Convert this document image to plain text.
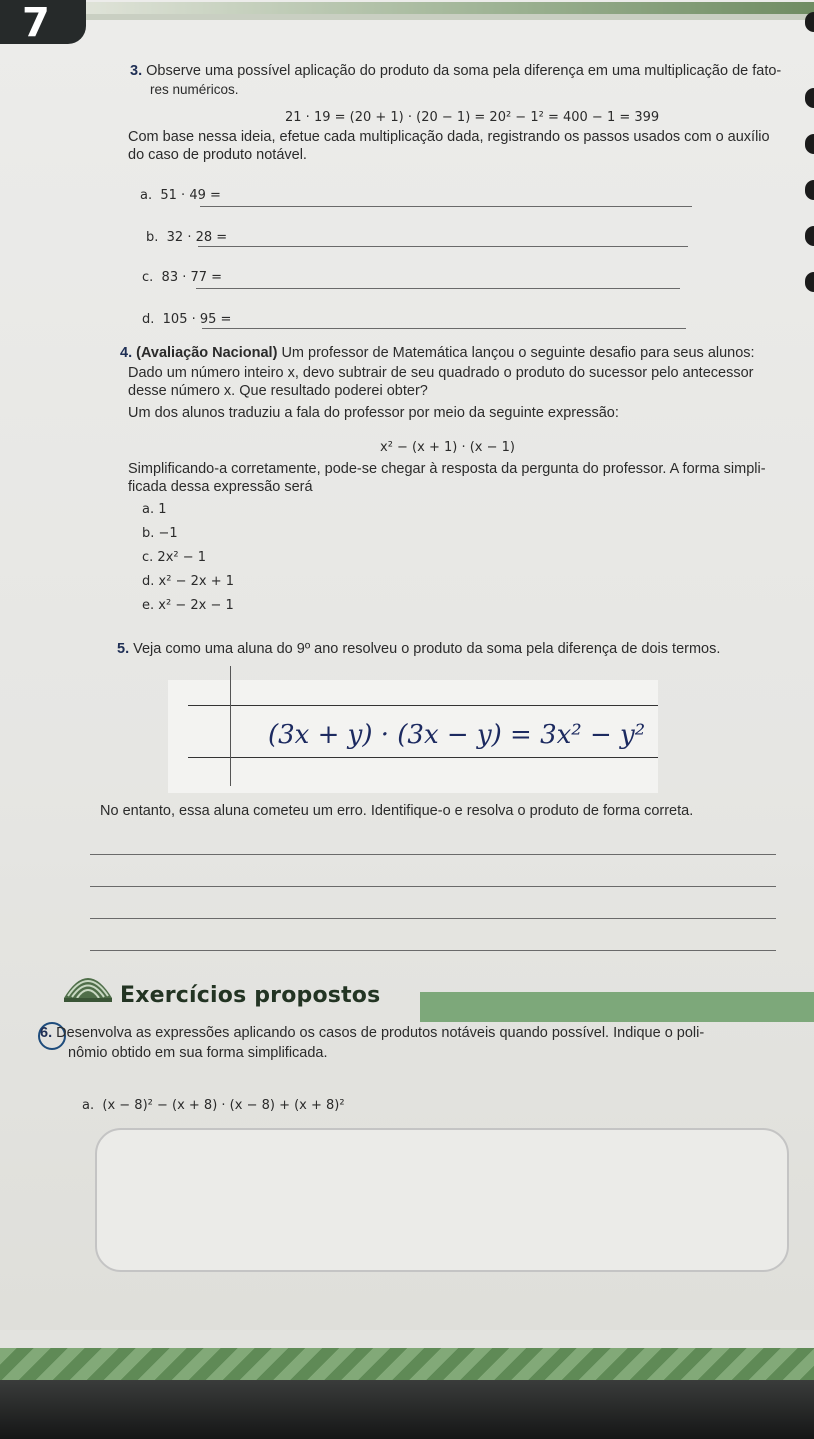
7
3. Observe uma possível aplicação do produto da soma pela diferença em uma multiplicação de fato-
res numéricos.
21 · 19 = (20 + 1) · (20 − 1) = 20² − 1² = 400 − 1 = 399
Com base nessa ideia, efetue cada multiplicação dada, registrando os passos usados com o auxílio
do caso de produto notável.
a. 51 · 49 =
b. 32 · 28 =
c. 83 · 77 =
d. 105 · 95 =
4. (Avaliação Nacional) Um professor de Matemática lançou o seguinte desafio para seus alunos:
Dado um número inteiro x, devo subtrair de seu quadrado o produto do sucessor pelo antecessor
desse número x. Que resultado poderei obter?
Um dos alunos traduziu a fala do professor por meio da seguinte expressão:
x² − (x + 1) · (x − 1)
Simplificando-a corretamente, pode-se chegar à resposta da pergunta do professor. A forma simpli-
ficada dessa expressão será
a. 1
b. −1
c. 2x² − 1
d. x² − 2x + 1
e. x² − 2x − 1
5. Veja como uma aluna do 9º ano resolveu o produto da soma pela diferença de dois termos.
(3x + y) · (3x − y) = 3x² − y²
No entanto, essa aluna cometeu um erro. Identifique-o e resolva o produto de forma correta.
Exercícios propostos
6. Desenvolva as expressões aplicando os casos de produtos notáveis quando possível. Indique o poli-
nômio obtido em sua forma simplificada.
a. (x − 8)² − (x + 8) · (x − 8) + (x + 8)²
